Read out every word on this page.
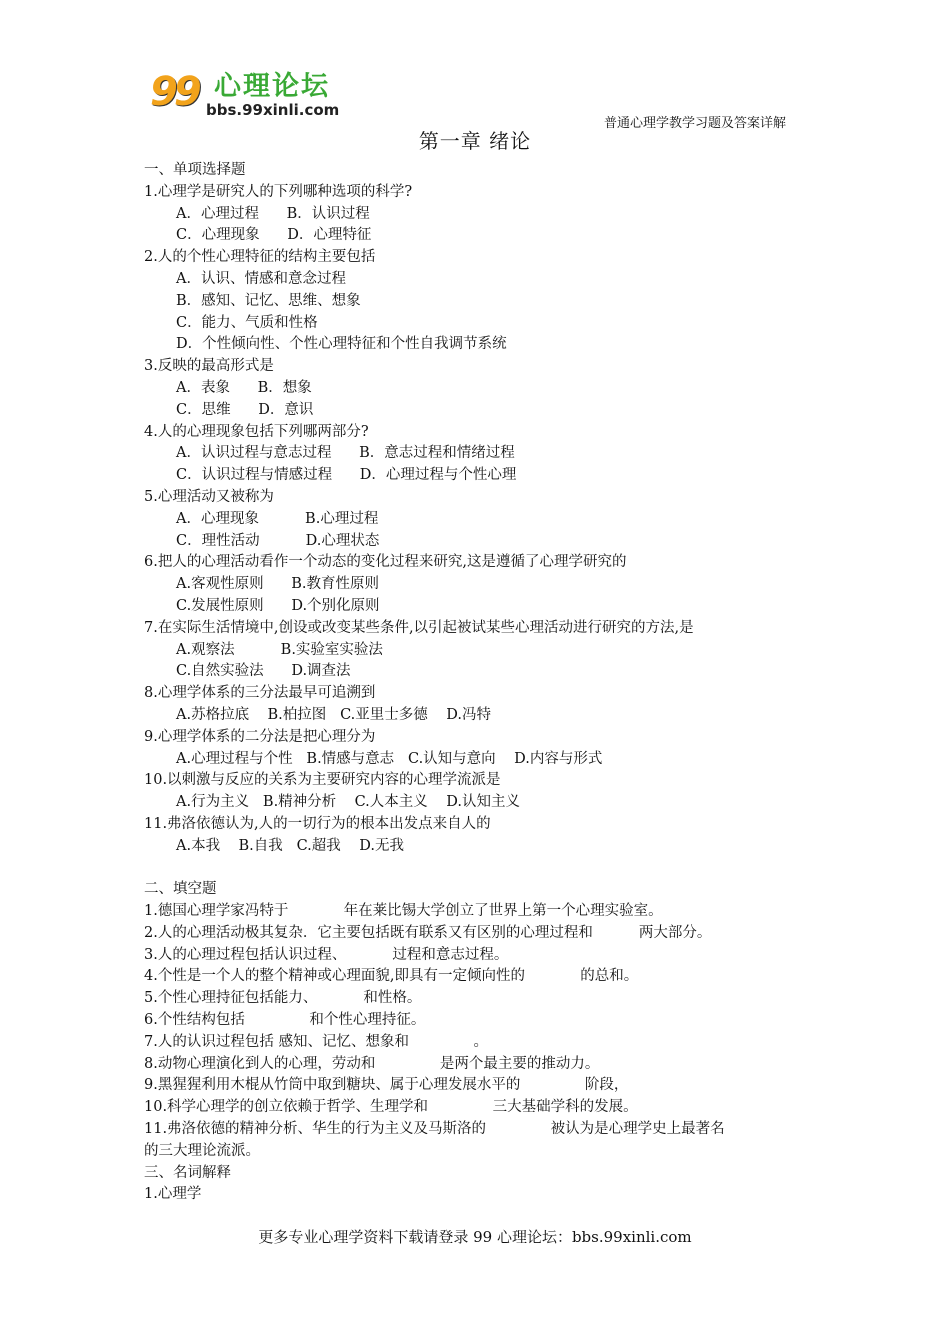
99 心理论坛
bbs.99xinli.com
普通心理学教学习题及答案详解
第一章 绪论
一、单项选择题
1.心理学是研究人的下列哪种选项的科学?
A．心理过程      B．认识过程
C．心理现象      D．心理特征
2.人的个性心理特征的结构主要包括
A．认识、情感和意念过程
B．感知、记忆、思维、想象
C．能力、气质和性格
D．个性倾向性、个性心理特征和个性自我调节系统
3.反映的最高形式是
A．表象      B．想象
C．思维      D．意识
4.人的心理现象包括下列哪两部分?
A．认识过程与意志过程      B．意志过程和情绪过程
C．认识过程与情感过程      D．心理过程与个性心理
5.心理活动又被称为
A．心理现象          B.心理过程
C．理性活动          D.心理状态
6.把人的心理活动看作一个动态的变化过程来研究,这是遵循了心理学研究的
A.客观性原则      B.教育性原则
C.发展性原则      D.个别化原则
7.在实际生活情境中,创设或改变某些条件,以引起被试某些心理活动进行研究的方法,是
A.观察法          B.实验室实验法
C.自然实验法      D.调查法
8.心理学体系的三分法最早可追溯到
A.苏格拉底    B.柏拉图   C.亚里士多德    D.冯特
9.心理学体系的二分法是把心理分为
A.心理过程与个性   B.情感与意志   C.认知与意向    D.内容与形式
10.以刺激与反应的关系为主要研究内容的心理学流派是
A.行为主义   B.精神分析    C.人本主义    D.认知主义
11.弗洛依德认为,人的一切行为的根本出发点来自人的
A.本我    B.自我   C.超我    D.无我
二、填空题
1.德国心理学家冯特于            年在莱比锡大学创立了世界上第一个心理实验室。
2.人的心理活动极其复杂．它主要包括既有联系又有区别的心理过程和          两大部分。
3.人的心理过程包括认识过程、          过程和意志过程。
4.个性是一个人的整个精神或心理面貌,即具有一定倾向性的            的总和。
5.个性心理持征包括能力、          和性格。
6.个性结构包括              和个性心理持征。
7.人的认识过程包括 感知、记忆、想象和              。
8.动物心理演化到人的心理，劳动和              是两个最主要的推动力。
9.黑猩猩利用木棍从竹筒中取到糖块、属于心理发展水平的              阶段，
10.科学心理学的创立依赖于哲学、生理学和              三大基础学科的发展。
11.弗洛依德的精神分析、华生的行为主义及马斯洛的              被认为是心理学史上最著名
的三大理论流派。
三、名词解释
1.心理学
更多专业心理学资料下载请登录 99 心理论坛：bbs.99xinli.com
